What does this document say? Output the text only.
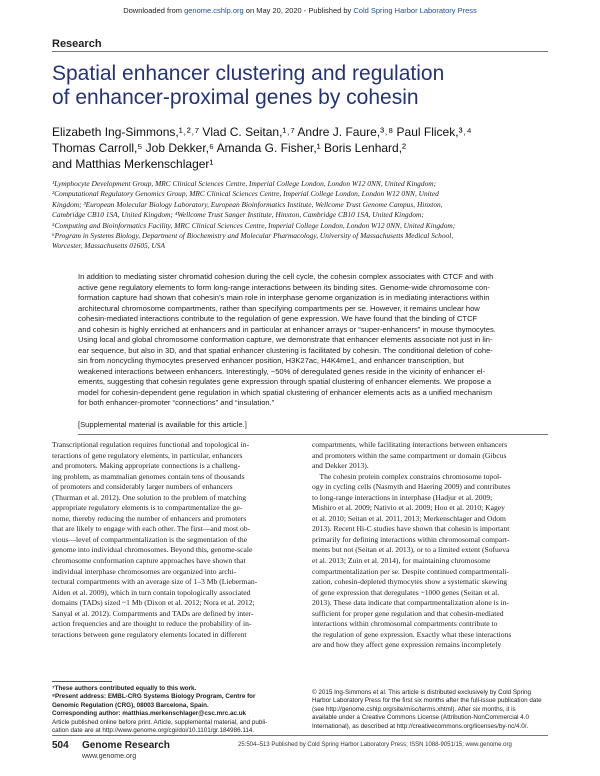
Downloaded from genome.cshlp.org on May 20, 2020 - Published by Cold Spring Harbor Laboratory Press
Research
Spatial enhancer clustering and regulation
of enhancer-proximal genes by cohesin
Elizabeth Ing-Simmons,¹˒²˒⁷ Vlad C. Seitan,¹˒⁷ Andre J. Faure,³˒⁸ Paul Flicek,³˒⁴
Thomas Carroll,⁵ Job Dekker,⁶ Amanda G. Fisher,¹ Boris Lenhard,²
and Matthias Merkenschlager¹
¹Lymphocyte Development Group, MRC Clinical Sciences Centre, Imperial College London, London W12 0NN, United Kingdom;
²Computational Regulatory Genomics Group, MRC Clinical Sciences Centre, Imperial College London, London W12 0NN, United
Kingdom; ³European Molecular Biology Laboratory, European Bioinformatics Institute, Wellcome Trust Genome Campus, Hinxton,
Cambridge CB10 1SA, United Kingdom; ⁴Wellcome Trust Sanger Institute, Hinxton, Cambridge CB10 1SA, United Kingdom;
⁵Computing and Bioinformatics Facility, MRC Clinical Sciences Centre, Imperial College London, London W12 0NN, United Kingdom;
⁶Program in Systems Biology, Department of Biochemistry and Molecular Pharmacology, University of Massachusetts Medical School,
Worcester, Massachusetts 01605, USA
In addition to mediating sister chromatid cohesion during the cell cycle, the cohesin complex associates with CTCF and with
active gene regulatory elements to form long-range interactions between its binding sites. Genome-wide chromosome con-
formation capture had shown that cohesin’s main role in interphase genome organization is in mediating interactions within
architectural chromosome compartments, rather than specifying compartments per se. However, it remains unclear how
cohesin-mediated interactions contribute to the regulation of gene expression. We have found that the binding of CTCF
and cohesin is highly enriched at enhancers and in particular at enhancer arrays or “super-enhancers” in mouse thymocytes.
Using local and global chromosome conformation capture, we demonstrate that enhancer elements associate not just in lin-
ear sequence, but also in 3D, and that spatial enhancer clustering is facilitated by cohesin. The conditional deletion of cohe-
sin from noncycling thymocytes preserved enhancer position, H3K27ac, H4K4me1, and enhancer transcription, but
weakened interactions between enhancers. Interestingly, ~50% of deregulated genes reside in the vicinity of enhancer el-
ements, suggesting that cohesin regulates gene expression through spatial clustering of enhancer elements. We propose a
model for cohesin-dependent gene regulation in which spatial clustering of enhancer elements acts as a unified mechanism
for both enhancer-promoter “connections” and “insulation.”
[Supplemental material is available for this article.]
Transcriptional regulation requires functional and topological in-
teractions of gene regulatory elements, in particular, enhancers
and promoters. Making appropriate connections is a challeng-
ing problem, as mammalian genomes contain tens of thousands
of promoters and considerably larger numbers of enhancers
(Thurman et al. 2012). One solution to the problem of matching
appropriate regulatory elements is to compartmentalize the ge-
nome, thereby reducing the number of enhancers and promoters
that are likely to engage with each other. The first—and most ob-
vious—level of compartmentalization is the segmentation of the
genome into individual chromosomes. Beyond this, genome-scale
chromosome conformation capture approaches have shown that
individual interphase chromosomes are organized into archi-
tectural compartments with an average size of 1–3 Mb (Lieberman-
Aiden et al. 2009), which in turn contain topologically associated
domains (TADs) sized ~1 Mb (Dixon et al. 2012; Nora et al. 2012;
Sanyal et al. 2012). Compartments and TADs are defined by inter-
action frequencies and are thought to reduce the probability of in-
teractions between gene regulatory elements located in different
compartments, while facilitating interactions between enhancers
and promoters within the same compartment or domain (Gibcus
and Dekker 2013).
The cohesin protein complex constrains chromosome topol-
ogy in cycling cells (Nasmyth and Haering 2009) and contributes
to long-range interactions in interphase (Hadjur et al. 2009;
Mishiro et al. 2009; Nativio et al. 2009; Hou et al. 2010; Kagey
et al. 2010; Seitan et al. 2011, 2013; Merkenschlager and Odom
2013). Recent Hi-C studies have shown that cohesin is important
primarily for defining interactions within chromosomal compart-
ments but not (Seitan et al. 2013), or to a limited extent (Sofueva
et al. 2013; Zuin et al. 2014), for maintaining chromosome
compartmentalization per se. Despite continued compartmentali-
zation, cohesin-depleted thymocytes show a systematic skewing
of gene expression that deregulates ~1000 genes (Seitan et al.
2013). These data indicate that compartmentalization alone is in-
sufficient for proper gene regulation and that cohesin-mediated
interactions within chromosomal compartments contribute to
the regulation of gene expression. Exactly what these interactions
are and how they affect gene expression remains incompletely
⁷These authors contributed equally to this work.
⁸Present address: EMBL-CRG Systems Biology Program, Centre for
Genomic Regulation (CRG), 08003 Barcelona, Spain.
Corresponding author: matthias.merkenschlager@csc.mrc.ac.uk
Article published online before print. Article, supplemental material, and publi-
cation date are at http://www.genome.org/cgi/doi/10.1101/gr.184986.114.
© 2015 Ing-Simmons et al. This article is distributed exclusively by Cold Spring
Harbor Laboratory Press for the first six months after the full-issue publication date
(see http://genome.cshlp.org/site/misc/terms.xhtml). After six months, it is
available under a Creative Commons License (Attribution-NonCommercial 4.0
International), as described at http://creativecommons.org/licenses/by-nc/4.0/.
504 Genome Research
www.genome.org
25:504–513 Published by Cold Spring Harbor Laboratory Press; ISSN 1088-9051/15; www.genome.org
